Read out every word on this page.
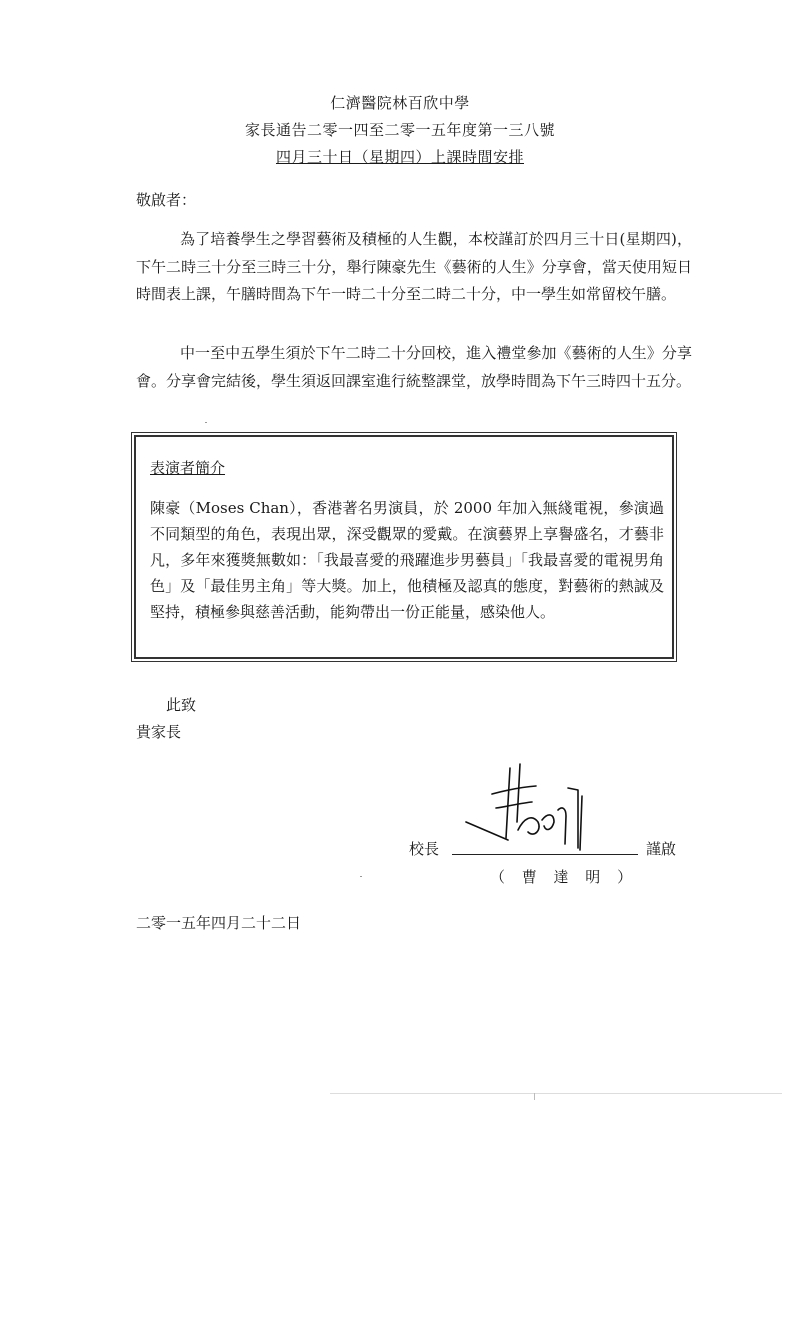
仁濟醫院林百欣中學
家長通告二零一四至二零一五年度第一三八號
四月三十日（星期四）上課時間安排
敬啟者：

為了培養學生之學習藝術及積極的人生觀，本校謹訂於四月三十日(星期四)，下午二時三十分至三時三十分，舉行陳豪先生《藝術的人生》分享會，當天使用短日時間表上課，午膳時間為下午一時二十分至二時二十分，中一學生如常留校午膳。

中一至中五學生須於下午二時二十分回校，進入禮堂參加《藝術的人生》分享會。分享會完結後，學生須返回課室進行統整課堂，放學時間為下午三時四十五分。

表演者簡介

陳豪（Moses Chan），香港著名男演員，於 2000 年加入無綫電視，參演過不同類型的角色，表現出眾，深受觀眾的愛戴。在演藝界上享譽盛名，才藝非凡，多年來獲獎無數如：「我最喜愛的飛躍進步男藝員」「我最喜愛的電視男角色」及「最佳男主角」等大獎。加上，他積極及認真的態度，對藝術的熱誠及堅持，積極參與慈善活動，能夠帶出一份正能量，感染他人。

此致
貴家長
校長	謹啟
（ 曹 達 明 ）
二零一五年四月二十二日
